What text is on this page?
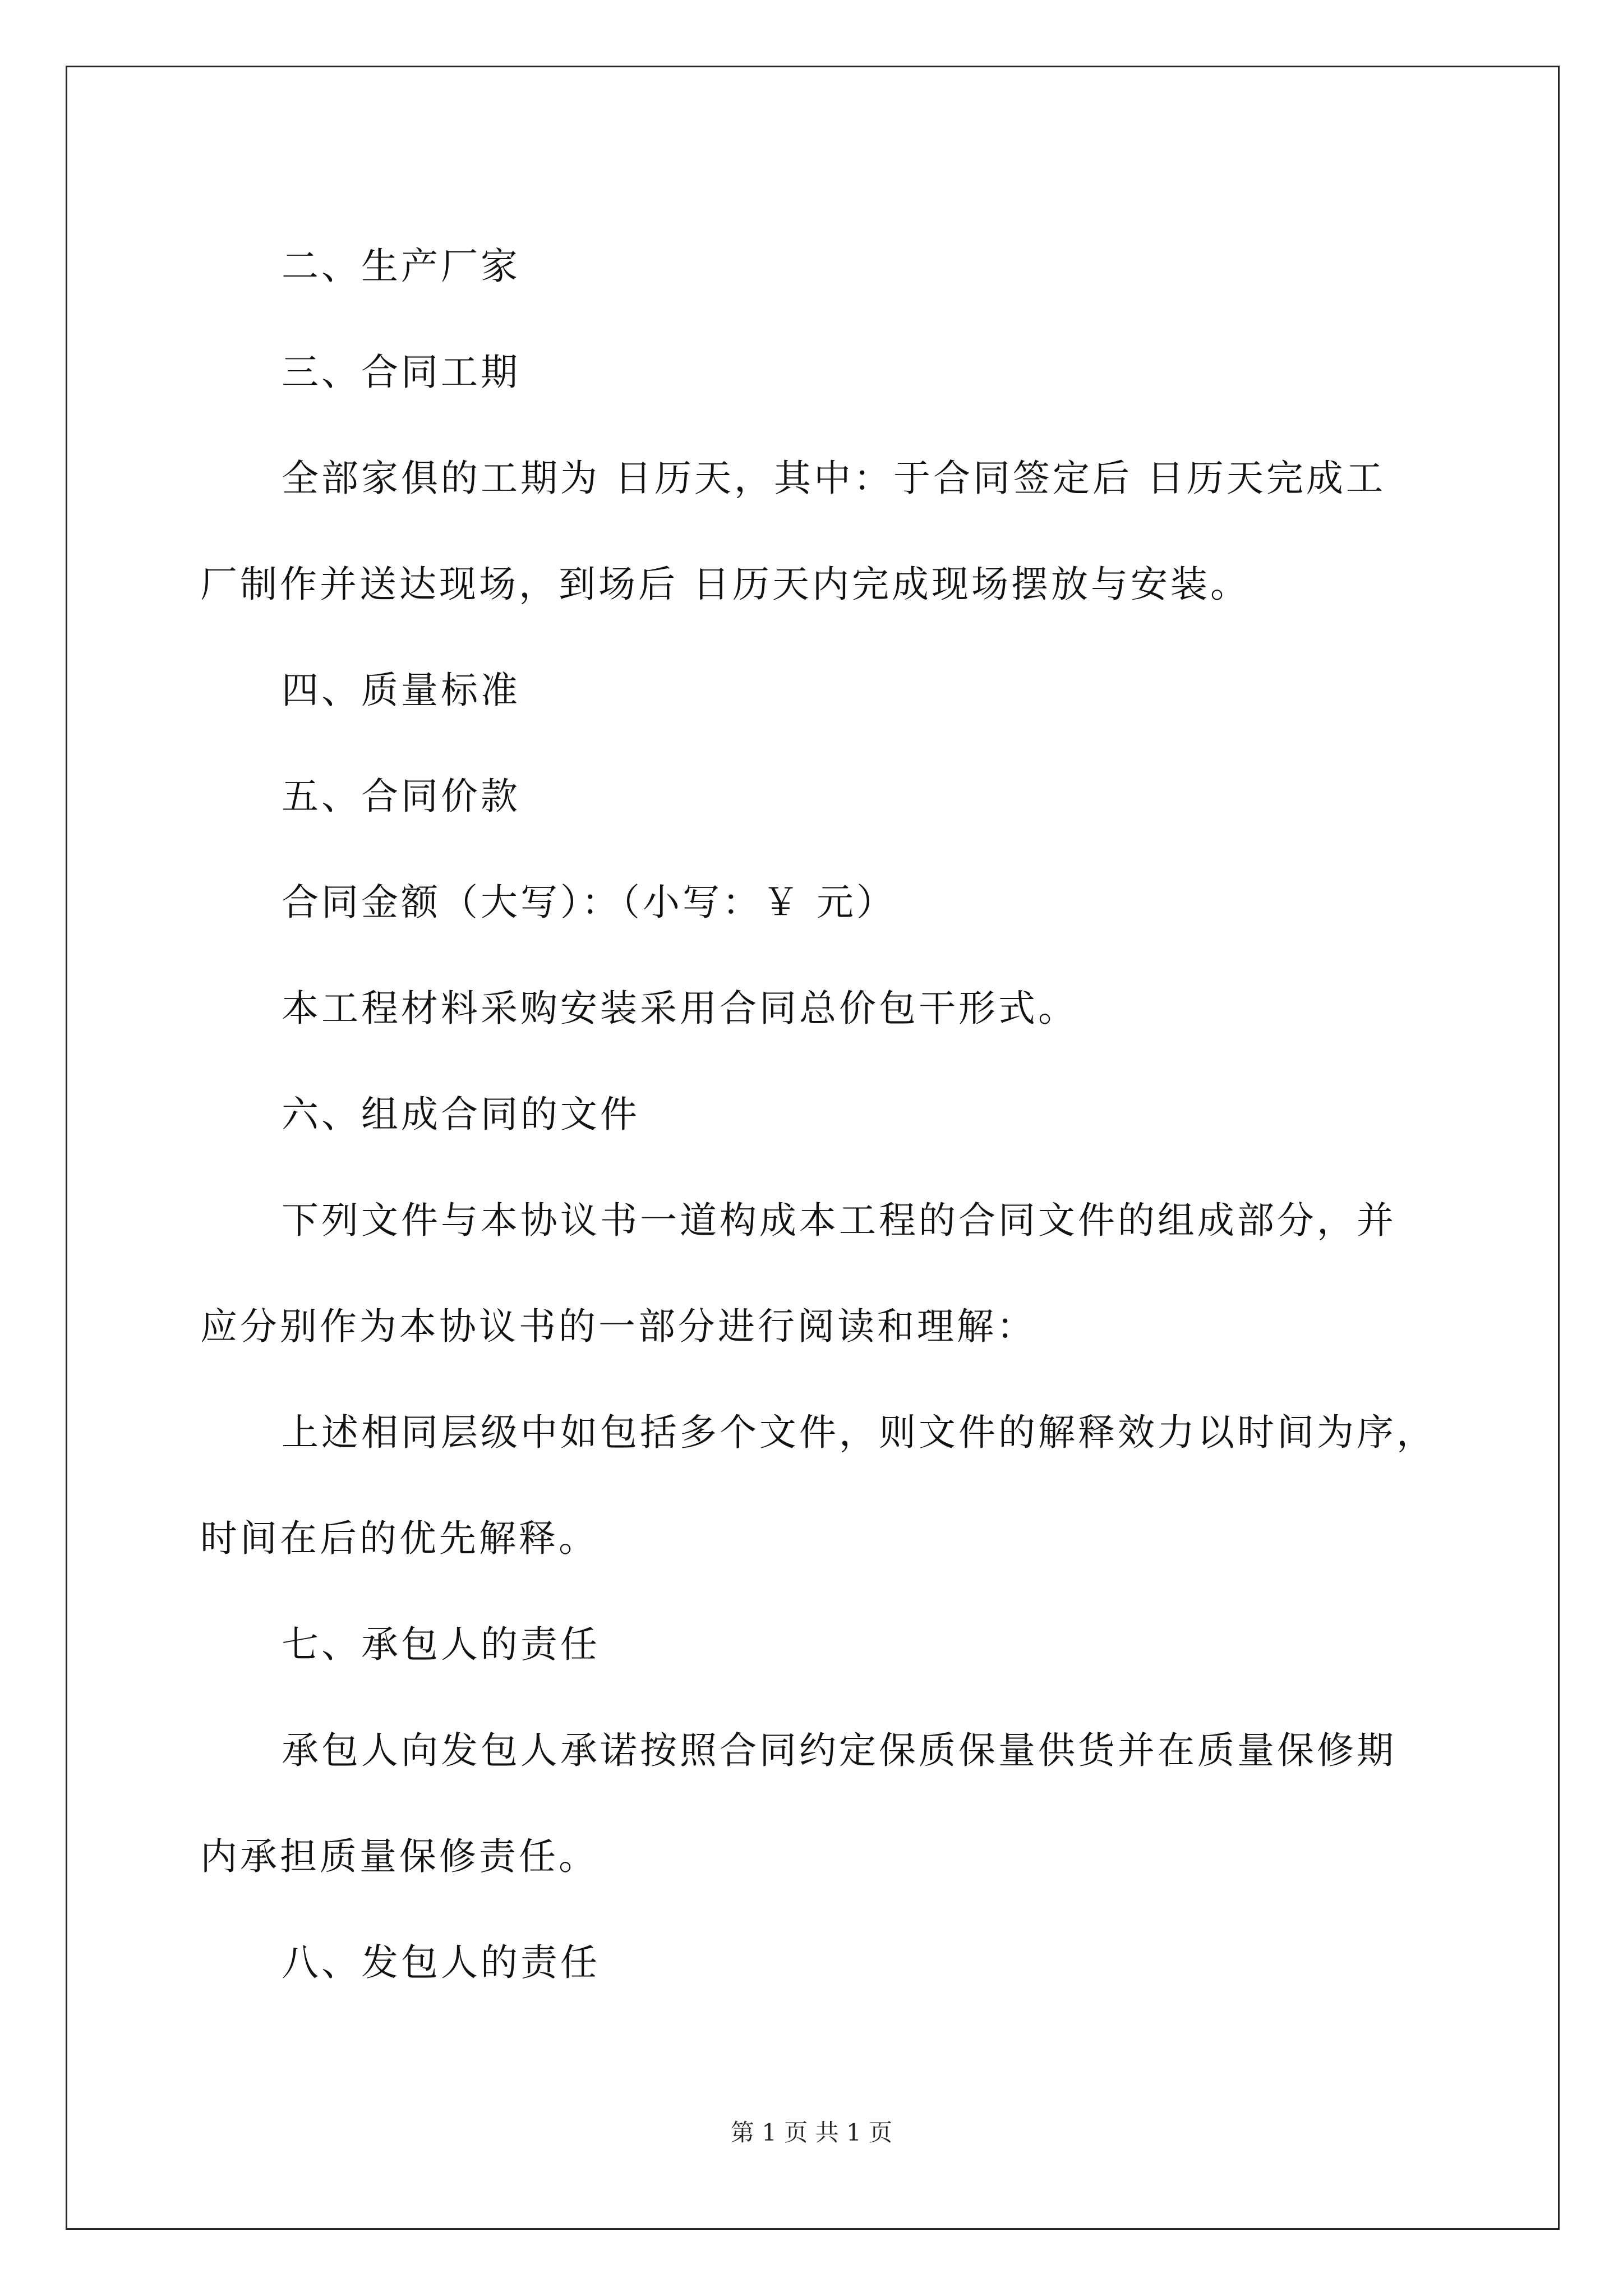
二、生产厂家

三、合同工期

全部家俱的工期为 日历天，其中：于合同签定后 日历天完成工

厂制作并送达现场，到场后 日历天内完成现场摆放与安装。

四、质量标准

五、合同价款

合同金额（大写）：（小写：￥ 元）

本工程材料采购安装采用合同总价包干形式。

六、组成合同的文件

下列文件与本协议书一道构成本工程的合同文件的组成部分，并

应分别作为本协议书的一部分进行阅读和理解：

上述相同层级中如包括多个文件，则文件的解释效力以时间为序，

时间在后的优先解释。

七、承包人的责任

承包人向发包人承诺按照合同约定保质保量供货并在质量保修期

内承担质量保修责任。

八、发包人的责任

第 1 页 共 1 页
